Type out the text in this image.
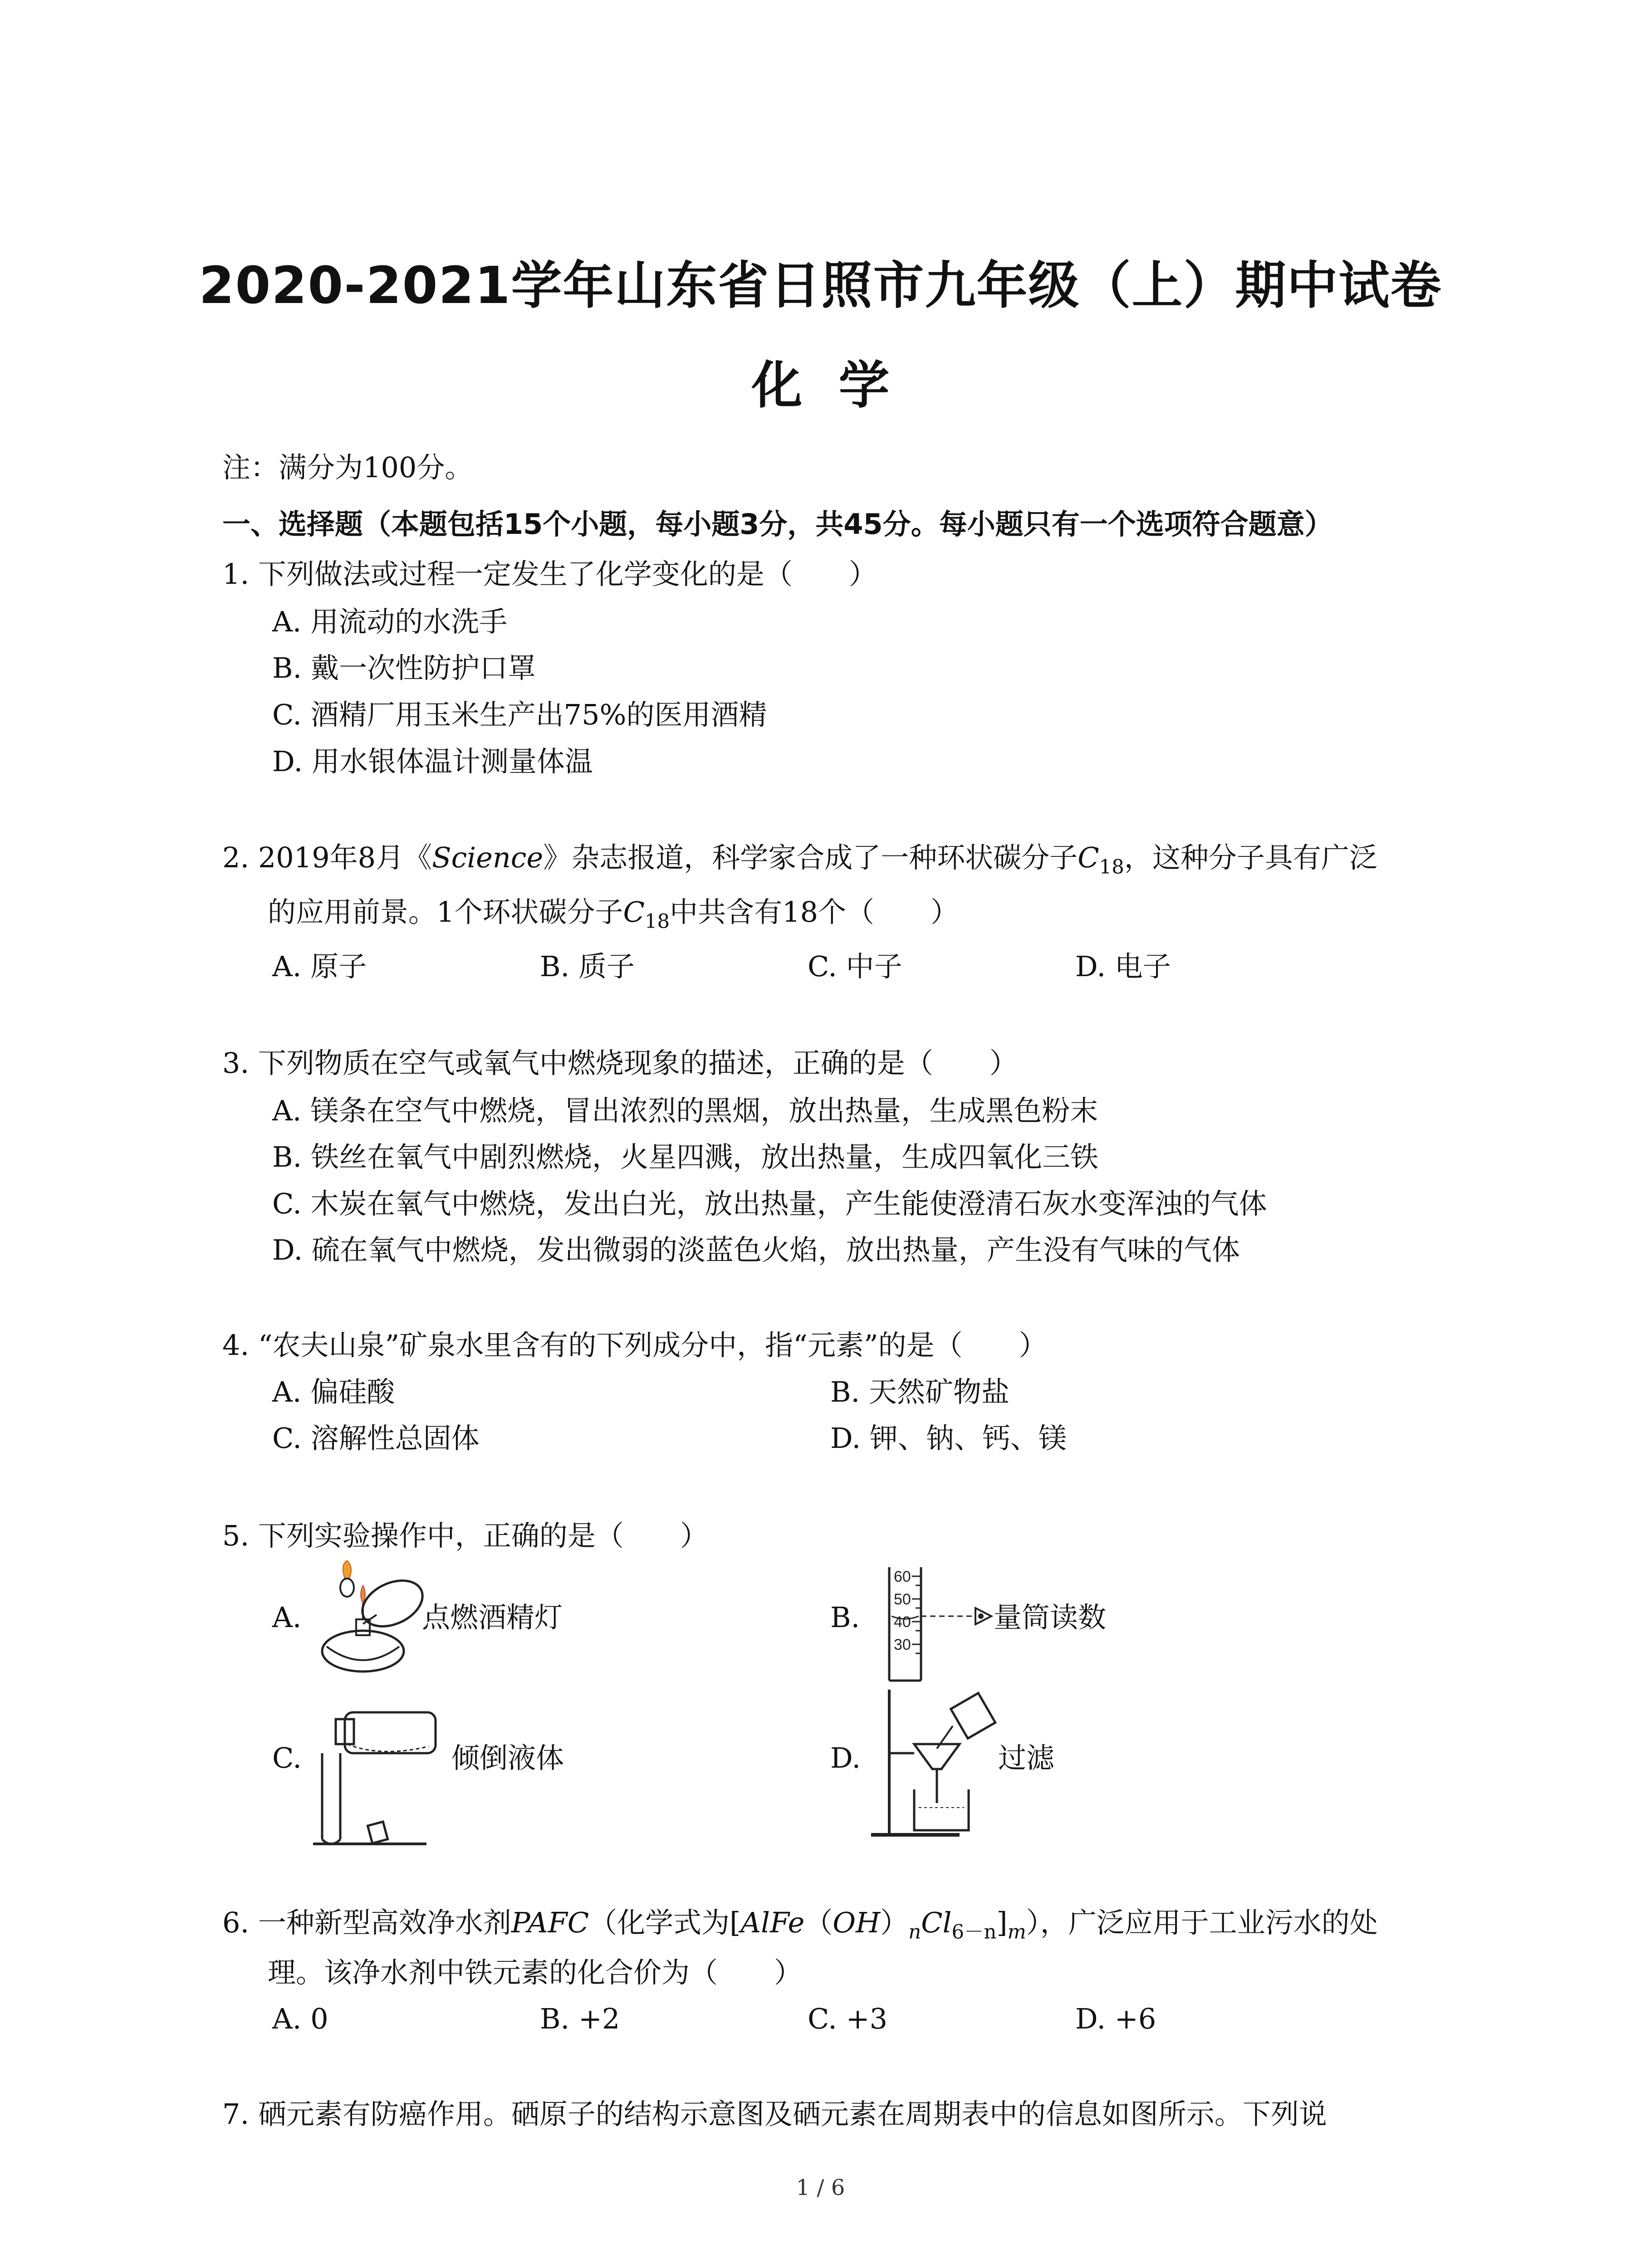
2020-2021学年山东省日照市九年级（上）期中试卷
化学
注：满分为100分。
一、选择题（本题包括15个小题，每小题3分，共45分。每小题只有一个选项符合题意）
1. 下列做法或过程一定发生了化学变化的是（　　）
A. 用流动的水洗手
B. 戴一次性防护口罩
C. 酒精厂用玉米生产出75%的医用酒精
D. 用水银体温计测量体温
2. 2019年8月《Science》杂志报道，科学家合成了一种环状碳分子$C_{18}$，这种分子具有广泛
的应用前景。1个环状碳分子$C_{18}$中共含有18个（　　）
A. 原子	B. 质子	C. 中子	D. 电子
3. 下列物质在空气或氧气中燃烧现象的描述，正确的是（　　）
A. 镁条在空气中燃烧，冒出浓烈的黑烟，放出热量，生成黑色粉末
B. 铁丝在氧气中剧烈燃烧，火星四溅，放出热量，生成四氧化三铁
C. 木炭在氧气中燃烧，发出白光，放出热量，产生能使澄清石灰水变浑浊的气体
D. 硫在氧气中燃烧，发出微弱的淡蓝色火焰，放出热量，产生没有气味的气体
4. “农夫山泉”矿泉水里含有的下列成分中，指“元素”的是（　　）
A. 偏硅酸	B. 天然矿物盐
C. 溶解性总固体	D. 钾、钠、钙、镁
5. 下列实验操作中，正确的是（　　）
A.	点燃酒精灯	B.
60
50
40
30
量筒读数
C.	倾倒液体	D.	过滤
6. 一种新型高效净水剂PAFC（化学式为$[AlFe(OH)_nCl_{6-n}]_m$），广泛应用于工业污水的处
理。该净水剂中铁元素的化合价为（　　）
A. 0	B. +2	C. +3	D. +6
7. 硒元素有防癌作用。硒原子的结构示意图及硒元素在周期表中的信息如图所示。下列说
1 / 6
